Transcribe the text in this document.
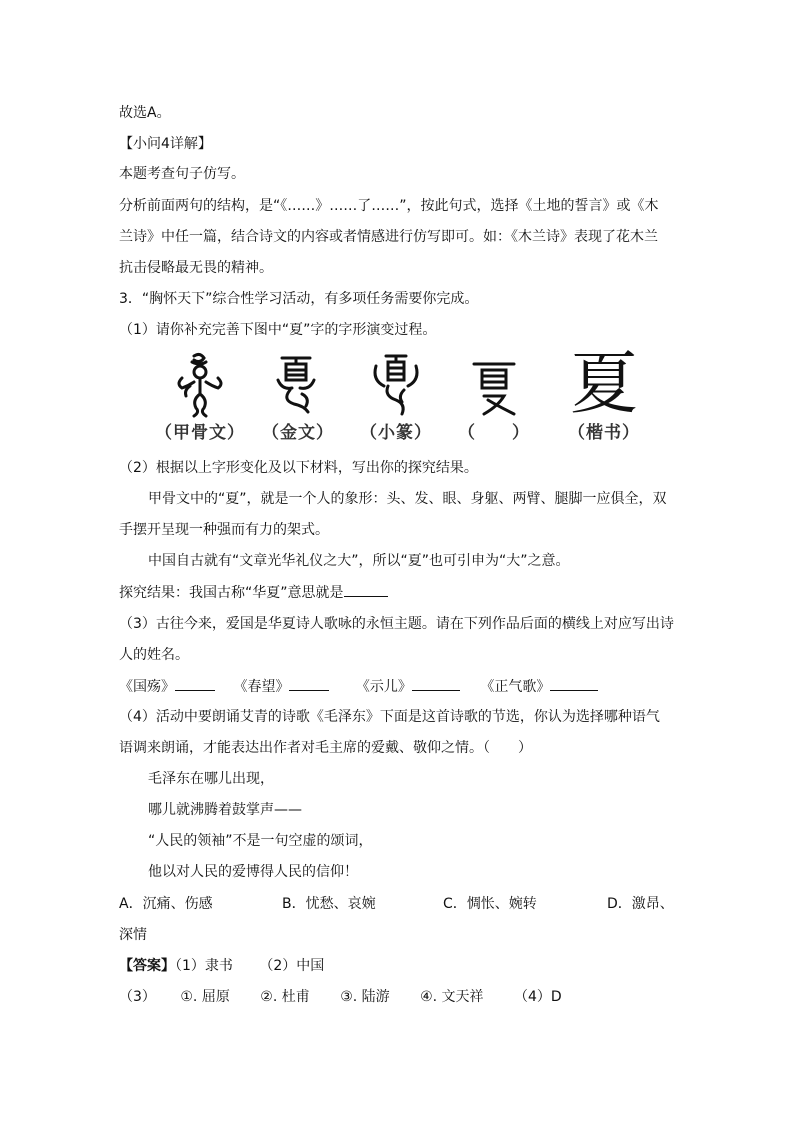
故选A。
【小问4详解】
本题考查句子仿写。
分析前面两句的结构，是“《……》……了……”，按此句式，选择《土地的誓言》或《木
兰诗》中任一篇，结合诗文的内容或者情感进行仿写即可。如：《木兰诗》表现了花木兰
抗击侵略最无畏的精神。
3．“胸怀天下”综合性学习活动，有多项任务需要你完成。
（1）请你补充完善下图中“夏”字的字形演变过程。
夏
（甲骨文）	（金文）	（小篆）	（　　）	（楷书）
（2）根据以上字形变化及以下材料，写出你的探究结果。
甲骨文中的“夏”，就是一个人的象形：头、发、眼、身躯、两臂、腿脚一应俱全，双
手摆开呈现一种强而有力的架式。
中国自古就有“文章光华礼仪之大”，所以“夏”也可引申为“大”之意。
探究结果：我国古称“华夏”意思就是
（3）古往今来，爱国是华夏诗人歌咏的永恒主题。请在下列作品后面的横线上对应写出诗
人的姓名。
《国殇》	《春望》	《示儿》	《正气歌》
（4）活动中要朗诵艾青的诗歌《毛泽东》下面是这首诗歌的节选，你认为选择哪种语气
语调来朗诵，才能表达出作者对毛主席的爱戴、敬仰之情。（　　）
毛泽东在哪儿出现，
哪儿就沸腾着鼓掌声——
“人民的领袖”不是一句空虚的颂词，
他以对人民的爱博得人民的信仰！
A．沉痛、伤感	B．忧愁、哀婉	C．惆怅、婉转	D．激昂、
深情
【答案】（1）隶书 （2）中国
（3） ①. 屈原 ②. 杜甫 ③. 陆游 ④. 文天祥 （4）D
